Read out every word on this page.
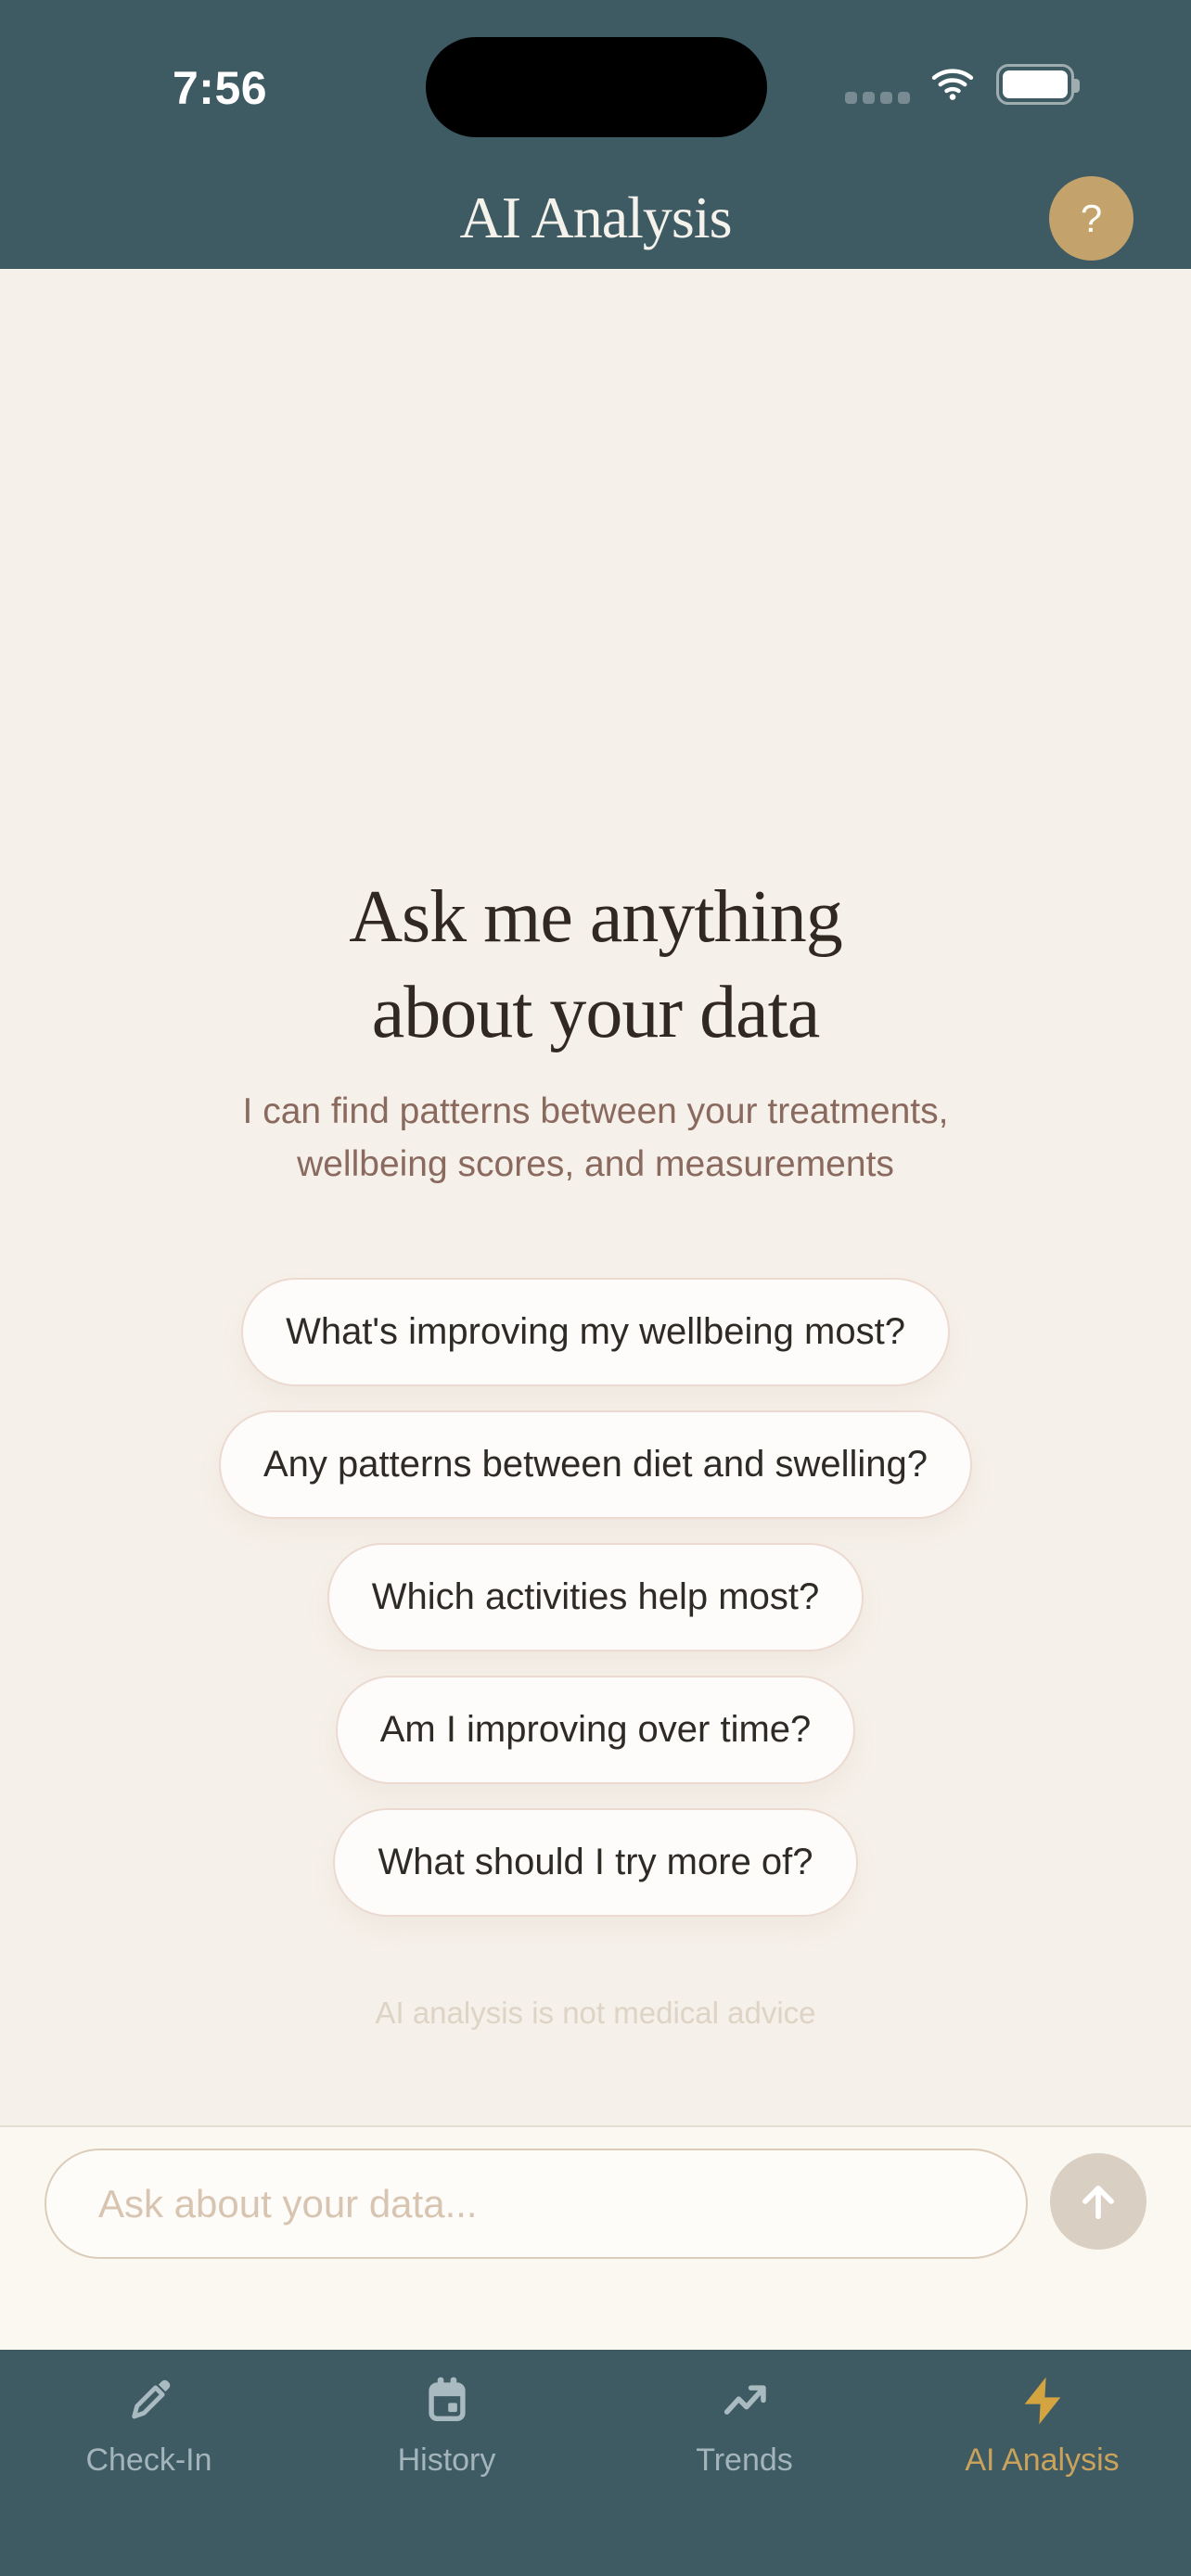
7:56
AI Analysis	?
Ask me anything
about your data

I can find patterns between your treatments, wellbeing scores, and measurements

What's improving my wellbeing most?
Any patterns between diet and swelling?
Which activities help most?
Am I improving over time?
What should I try more of?

AI analysis is not medical advice

Ask about your data...
Check-In	History	Trends	AI Analysis
